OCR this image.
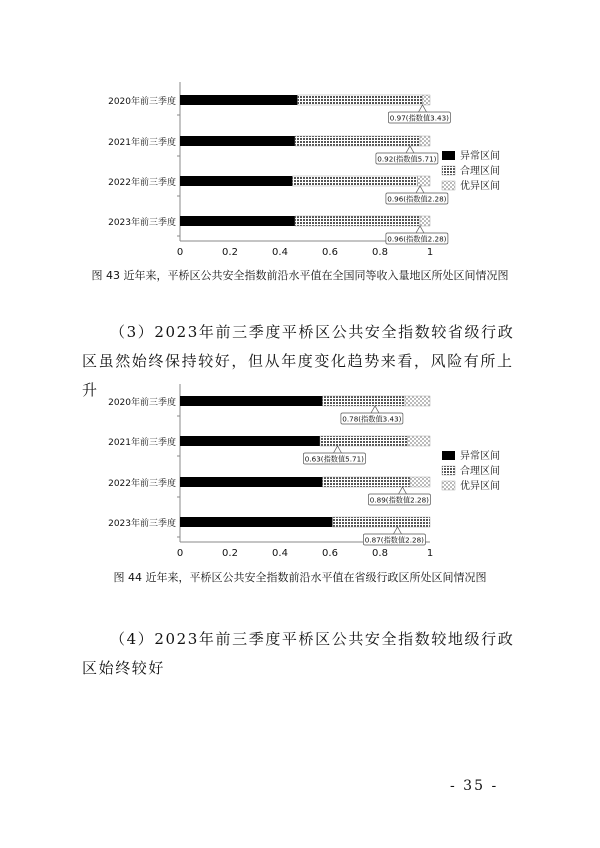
2020年前三季度
0.97(指数值3.43)
2021年前三季度
0.92(指数值5.71)
2022年前三季度
0.96(指数值2.28)
2023年前三季度
0.96(指数值2.28)
0	0.2	0.4	0.6	0.8	1
异常区间
合理区间
优异区间
2020年前三季度
0.78(指数值3.43)
2021年前三季度
0.63(指数值5.71)
2022年前三季度
0.89(指数值2.28)
2023年前三季度
0.87(指数值2.28)
0	0.2	0.4	0.6	0.8	1
异常区间
合理区间
优异区间
图 43 近年来，平桥区公共安全指数前沿水平值在全国同等收入量地区所处区间情况图
（3）2023年前三季度平桥区公共安全指数较省级行政区虽然始终保持较好，但从年度变化趋势来看，风险有所上升
图 44 近年来，平桥区公共安全指数前沿水平值在省级行政区所处区间情况图
（4）2023年前三季度平桥区公共安全指数较地级行政区始终较好
- 35 -
